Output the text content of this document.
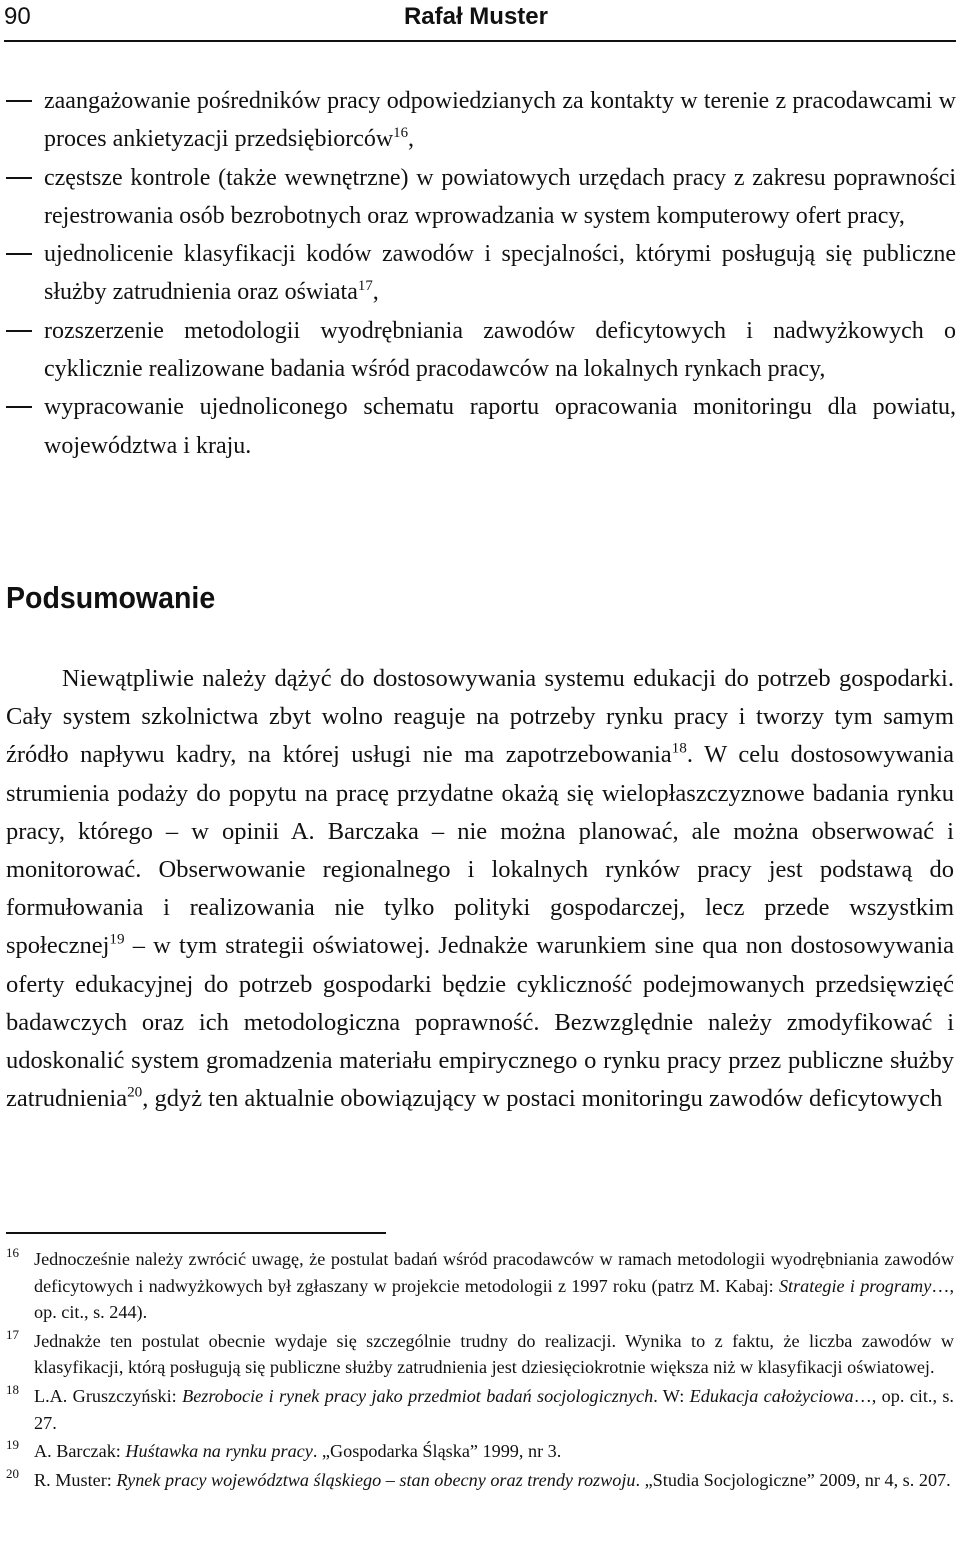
90	Rafał Muster
zaangażowanie pośredników pracy odpowiedzianych za kontakty w terenie z pracodawcami w proces ankietyzacji przedsiębiorców$^{16}$,
częstsze kontrole (także wewnętrzne) w powiatowych urzędach pracy z zakresu poprawności rejestrowania osób bezrobotnych oraz wprowadzania w system komputerowy ofert pracy,
ujednolicenie klasyfikacji kodów zawodów i specjalności, którymi posługują się publiczne służby zatrudnienia oraz oświata$^{17}$,
rozszerzenie metodologii wyodrębniania zawodów deficytowych i nadwyżkowych o cyklicznie realizowane badania wśród pracodawców na lokalnych rynkach pracy,
wypracowanie ujednoliconego schematu raportu opracowania monitoringu dla powiatu, województwa i kraju.
Podsumowanie

Niewątpliwie należy dążyć do dostosowywania systemu edukacji do potrzeb gospodarki. Cały system szkolnictwa zbyt wolno reaguje na potrzeby rynku pracy i tworzy tym samym źródło napływu kadry, na której usługi nie ma zapotrzebowania$^{18}$. W celu dostosowywania strumienia podaży do popytu na pracę przydatne okażą się wielopłaszczyznowe badania rynku pracy, którego – w opinii A. Barczaka – nie można planować, ale można obserwować i monitorować. Obserwowanie regionalnego i lokalnych rynków pracy jest podstawą do formułowania i realizowania nie tylko polityki gospodarczej, lecz przede wszystkim społecznej$^{19}$ – w tym strategii oświatowej. Jednakże warunkiem sine qua non dostosowywania oferty edukacyjnej do potrzeb gospodarki będzie cykliczność podejmowanych przedsięwzięć badawczych oraz ich metodologiczna poprawność. Bezwzględnie należy zmodyfikować i udoskonalić system gromadzenia materiału empirycznego o rynku pracy przez publiczne służby zatrudnienia$^{20}$, gdyż ten aktualnie obowiązujący w postaci monitoringu zawodów deficytowych

16 Jednocześnie należy zwrócić uwagę, że postulat badań wśród pracodawców w ramach metodologii wyodrębniania zawodów deficytowych i nadwyżkowych był zgłaszany w projekcie metodologii z 1997 roku (patrz M. Kabaj: Strategie i programy…, op. cit., s. 244).
17 Jednakże ten postulat obecnie wydaje się szczególnie trudny do realizacji. Wynika to z faktu, że liczba zawodów w klasyfikacji, którą posługują się publiczne służby zatrudnienia jest dziesięciokrotnie większa niż w klasyfikacji oświatowej.
18 L.A. Gruszczyński: Bezrobocie i rynek pracy jako przedmiot badań socjologicznych. W: Edukacja całożyciowa…, op. cit., s. 27.
19 A. Barczak: Huśtawka na rynku pracy. „Gospodarka Śląska” 1999, nr 3.
20 R. Muster: Rynek pracy województwa śląskiego – stan obecny oraz trendy rozwoju. „Studia Socjologiczne” 2009, nr 4, s. 207.
